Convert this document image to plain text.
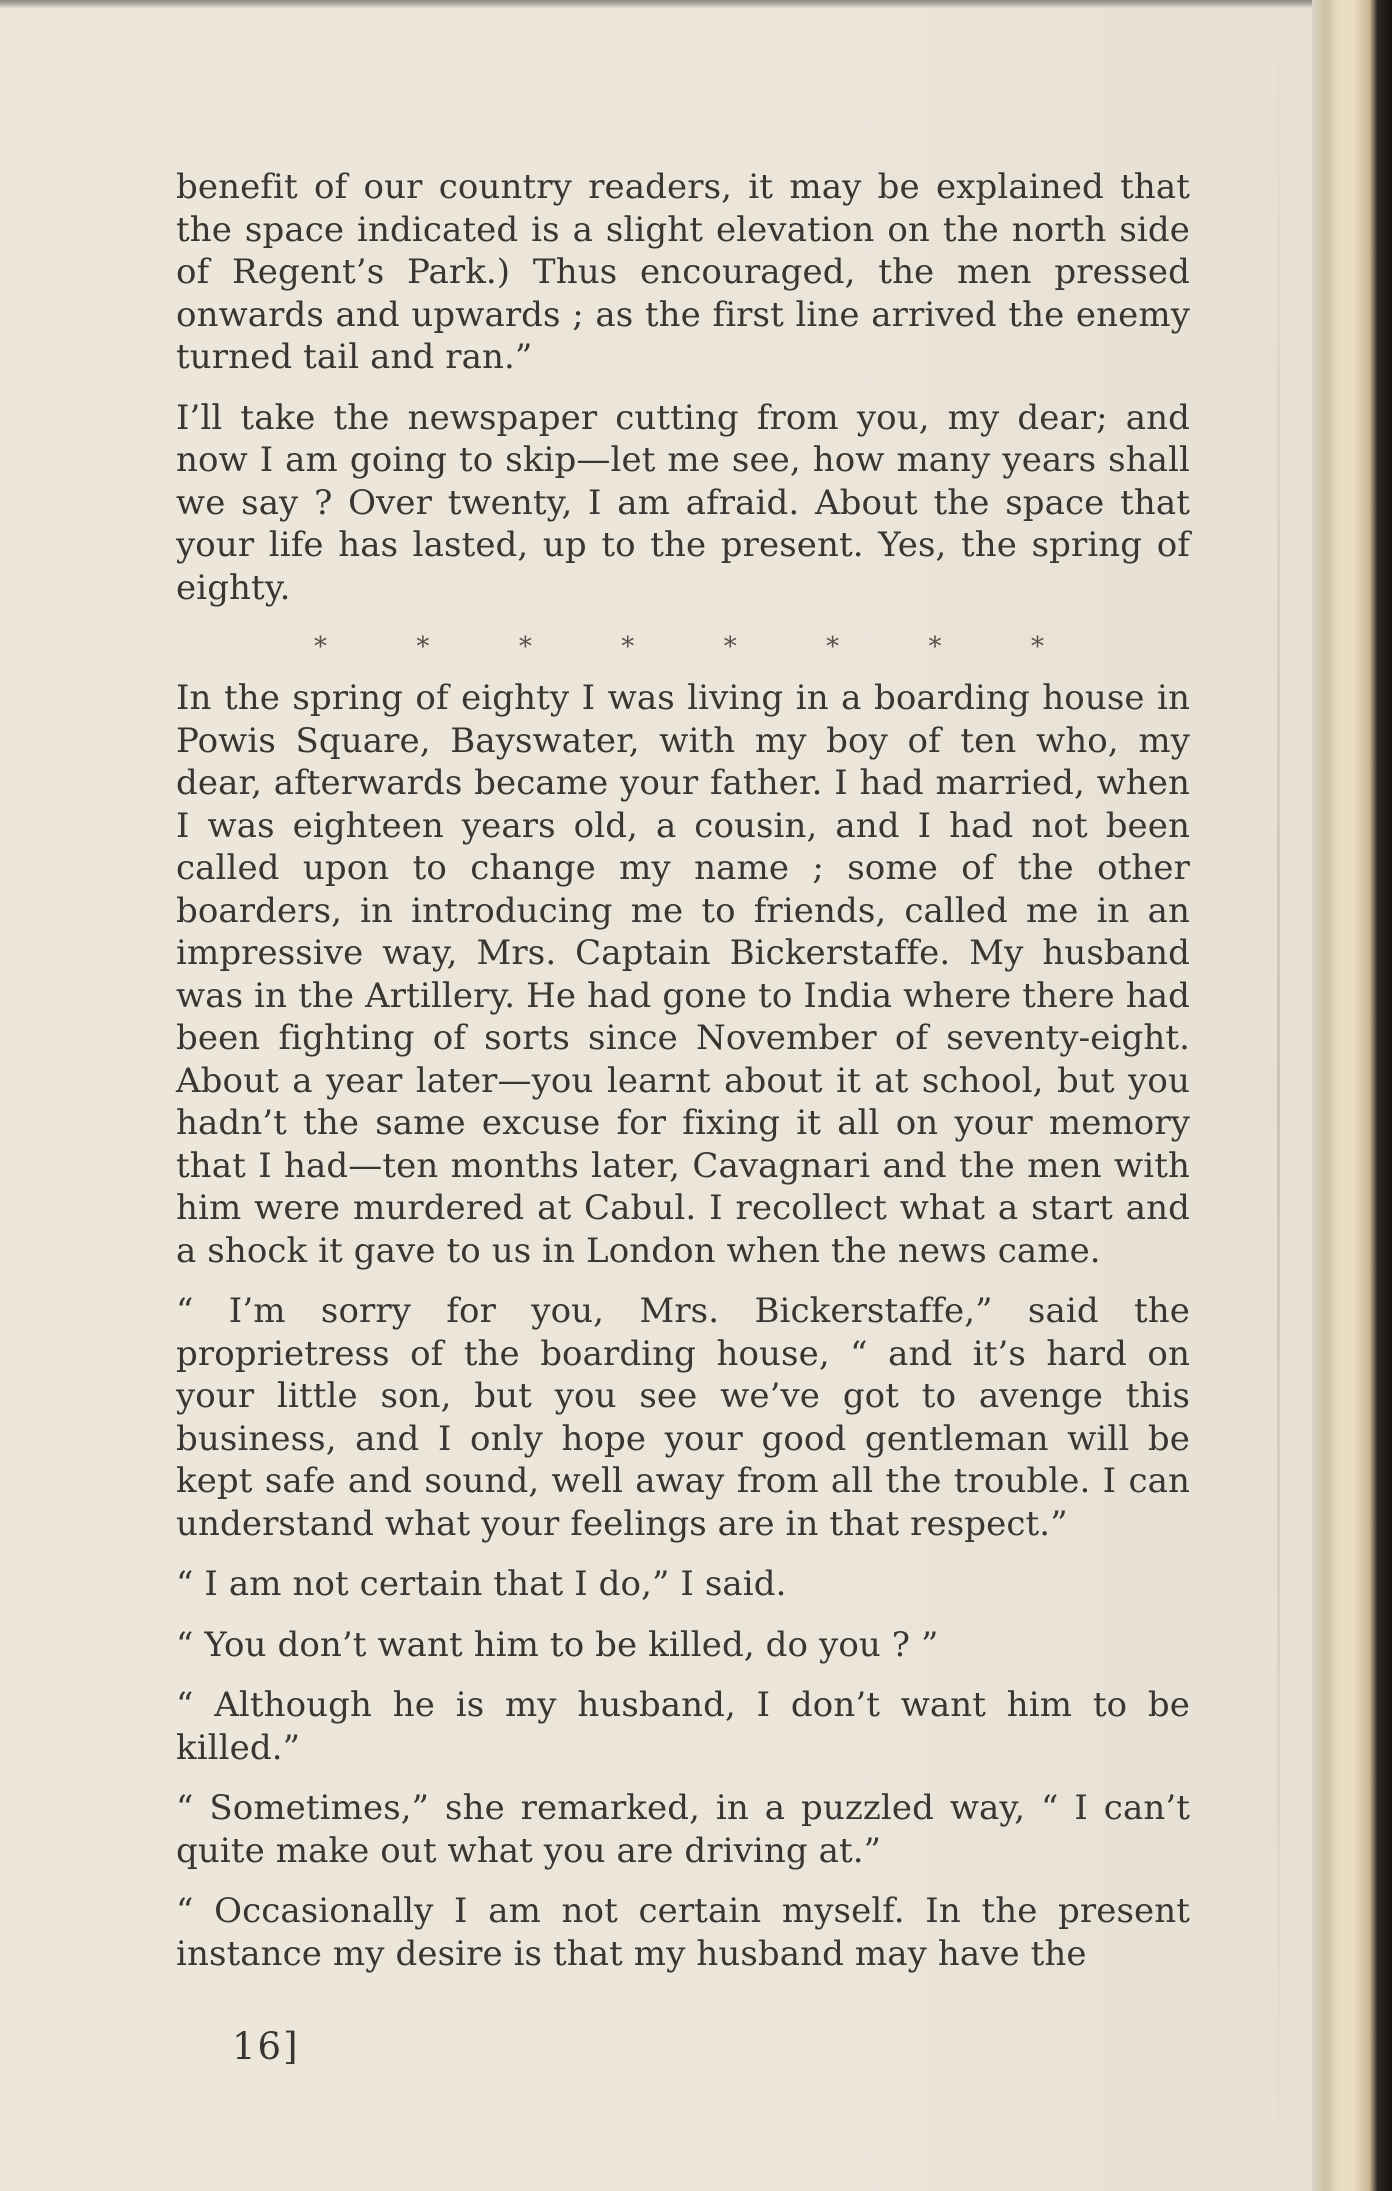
benefit of our country readers, it may be explained that the space indicated is a slight elevation on the north side of Regent’s Park.) Thus encouraged, the men pressed onwards and upwards ; as the first line arrived the enemy turned tail and ran.”

I’ll take the newspaper cutting from you, my dear; and now I am going to skip—let me see, how many years shall we say ? Over twenty, I am afraid. About the space that your life has lasted, up to the present. Yes, the spring of eighty.

*	*	*	*	*	*	*	*

In the spring of eighty I was living in a boarding house in Powis Square, Bayswater, with my boy of ten who, my dear, afterwards became your father. I had married, when I was eighteen years old, a cousin, and I had not been called upon to change my name ; some of the other boarders, in introducing me to friends, called me in an impressive way, Mrs. Captain Bickerstaffe. My husband was in the Artillery. He had gone to India where there had been fighting of sorts since November of seventy-eight. About a year later—you learnt about it at school, but you hadn’t the same excuse for fixing it all on your memory that I had—ten months later, Cavagnari and the men with him were murdered at Cabul. I recollect what a start and a shock it gave to us in London when the news came.

“ I’m sorry for you, Mrs. Bickerstaffe,” said the proprietress of the boarding house, “ and it’s hard on your little son, but you see we’ve got to avenge this business, and I only hope your good gentleman will be kept safe and sound, well away from all the trouble. I can understand what your feelings are in that respect.”

“ I am not certain that I do,” I said.

“ You don’t want him to be killed, do you ? ”

“ Although he is my husband, I don’t want him to be killed.”

“ Sometimes,” she remarked, in a puzzled way, “ I can’t quite make out what you are driving at.”

“ Occasionally I am not certain myself. In the present instance my desire is that my husband may have the

16]
